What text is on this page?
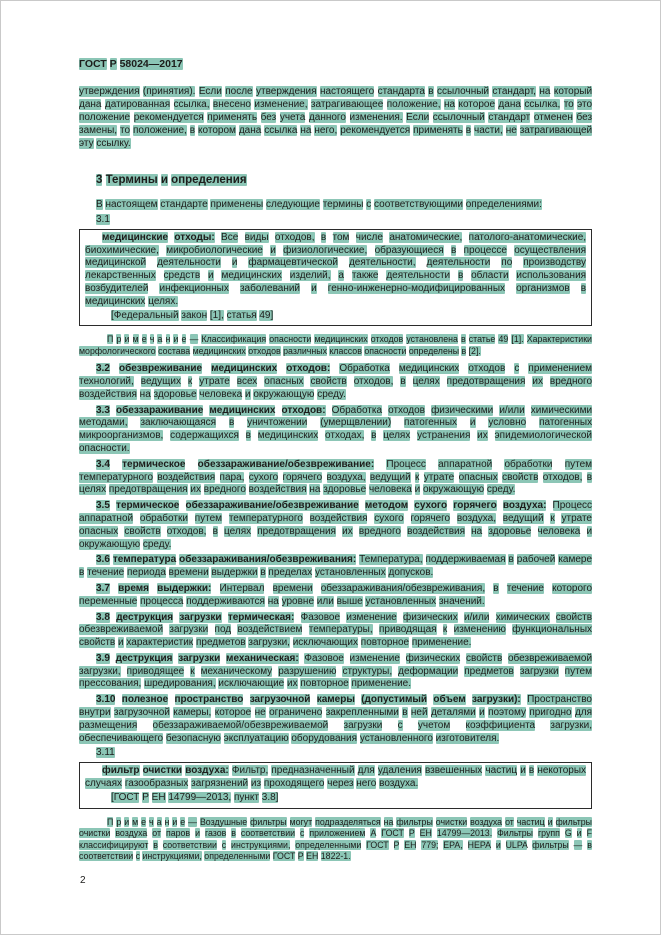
ГОСТ Р 58024—2017

утверждения (принятия). Если после утверждения настоящего стандарта в ссылочный стандарт, на который дана датированная ссылка, внесено изменение, затрагивающее положение, на которое дана ссылка, то это положение рекомендуется применять без учета данного изменения. Если ссылочный стандарт отменен без замены, то положение, в котором дана ссылка на него, рекомендуется применять в части, не затрагивающей эту ссылку.

3 Термины и определения

В настоящем стандарте применены следующие термины с соответствующими определениями:

3.1

медицинские отходы: Все виды отходов, в том числе анатомические, патолого-анатомические, биохимические, микробиологические и физиологические, образующиеся в процессе осуществления медицинской деятельности и фармацевтической деятельности, деятельности по производству лекарственных средств и медицинских изделий, а также деятельности в области использования возбудителей инфекционных заболеваний и генно-инженерно-модифицированных организмов в медицинских целях.

[Федеральный закон [1], статья 49]

П р и м е ч а н и е — Классификация опасности медицинских отходов установлена в статье 49 [1]. Характеристики морфологического состава медицинских отходов различных классов опасности определены в [2].

3.2 обезвреживание медицинских отходов: Обработка медицинских отходов с применением технологий, ведущих к утрате всех опасных свойств отходов, в целях предотвращения их вредного воздействия на здоровье человека и окружающую среду.

3.3 обеззараживание медицинских отходов: Обработка отходов физическими и/или химическими методами, заключающаяся в уничтожении (умерщвлении) патогенных и условно патогенных микроорганизмов, содержащихся в медицинских отходах, в целях устранения их эпидемиологической опасности.

3.4 термическое обеззараживание/обезвреживание: Процесс аппаратной обработки путем температурного воздействия пара, сухого горячего воздуха, ведущий к утрате опасных свойств отходов, в целях предотвращения их вредного воздействия на здоровье человека и окружающую среду.

3.5 термическое обеззараживание/обезвреживание методом сухого горячего воздуха: Процесс аппаратной обработки путем температурного воздействия сухого горячего воздуха, ведущий к утрате опасных свойств отходов, в целях предотвращения их вредного воздействия на здоровье человека и окружающую среду.

3.6 температура обеззараживания/обезвреживания: Температура, поддерживаемая в рабочей камере в течение периода времени выдержки в пределах установленных допусков.

3.7 время выдержки: Интервал времени обеззараживания/обезвреживания, в течение которого переменные процесса поддерживаются на уровне или выше установленных значений.

3.8 деструкция загрузки термическая: Фазовое изменение физических и/или химических свойств обезвреживаемой загрузки под воздействием температуры, приводящая к изменению функциональных свойств и характеристик предметов загрузки, исключающих повторное применение.

3.9 деструкция загрузки механическая: Фазовое изменение физических свойств обезвреживаемой загрузки, приводящее к механическому разрушению структуры, деформации предметов загрузки путем прессования, шредирования, исключающие их повторное применение.

3.10 полезное пространство загрузочной камеры (допустимый объем загрузки): Пространство внутри загрузочной камеры, которое не ограничено закрепленными в ней деталями и поэтому пригодно для размещения обеззараживаемой/обезвреживаемой загрузки с учетом коэффициента загрузки, обеспечивающего безопасную эксплуатацию оборудования установленного изготовителя.

3.11

фильтр очистки воздуха: Фильтр, предназначенный для удаления взвешенных частиц и в некоторых случаях газообразных загрязнений из проходящего через него воздуха.

[ГОСТ Р ЕН 14799—2013, пункт 3.8]

П р и м е ч а н и е — Воздушные фильтры могут подразделяться на фильтры очистки воздуха от частиц и фильтры очистки воздуха от паров и газов в соответствии с приложением А ГОСТ Р ЕН 14799—2013. Фильтры групп G и F классифицируют в соответствии с инструкциями, определенными ГОСТ Р ЕН 779; ЕРА, НЕРА и ULPA фильтры — в соответствии с инструкциями, определенными ГОСТ Р ЕН 1822-1.

2
